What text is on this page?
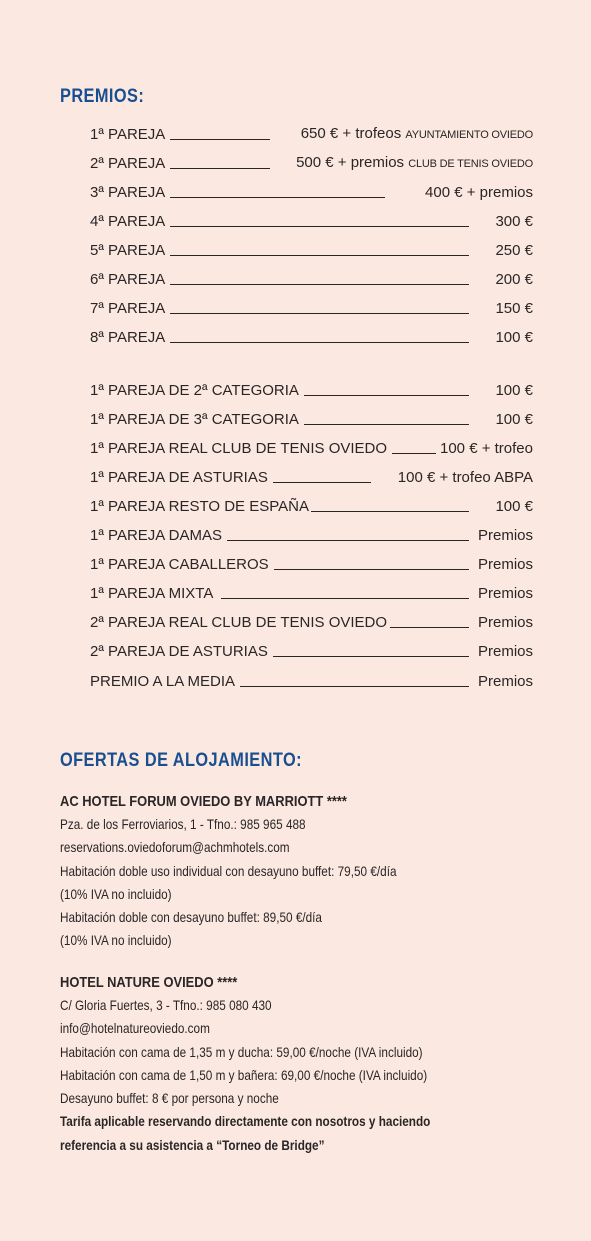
PREMIOS:
1ª PAREJA	650 € + trofeos AYUNTAMIENTO OVIEDO
2ª PAREJA	500 € + premios CLUB DE TENIS OVIEDO
3ª PAREJA	400 € + premios
4ª PAREJA	300 €
5ª PAREJA	250 €
6ª PAREJA	200 €
7ª PAREJA	150 €
8ª PAREJA	100 €
1ª PAREJA DE 2ª CATEGORIA	100 €
1ª PAREJA DE 3ª CATEGORIA	100 €
1ª PAREJA REAL CLUB DE TENIS OVIEDO	100 € + trofeo
1ª PAREJA DE ASTURIAS	100 € + trofeo ABPA
1ª PAREJA RESTO DE ESPAÑA	100 €
1ª PAREJA DAMAS	Premios
1ª PAREJA CABALLEROS	Premios
1ª PAREJA MIXTA	Premios
2ª PAREJA REAL CLUB DE TENIS OVIEDO	Premios
2ª PAREJA DE ASTURIAS	Premios
PREMIO A LA MEDIA	Premios
OFERTAS DE ALOJAMIENTO:
AC HOTEL FORUM OVIEDO BY MARRIOTT ****
Pza. de los Ferroviarios, 1 - Tfno.: 985 965 488
reservations.oviedoforum@achmhotels.com
Habitación doble uso individual con desayuno buffet: 79,50 €/día
(10% IVA no incluido)
Habitación doble con desayuno buffet: 89,50 €/día
(10% IVA no incluido)
HOTEL NATURE OVIEDO ****
C/ Gloria Fuertes, 3 - Tfno.: 985 080 430
info@hotelnatureoviedo.com
Habitación con cama de 1,35 m y ducha: 59,00 €/noche (IVA incluido)
Habitación con cama de 1,50 m y bañera: 69,00 €/noche (IVA incluido)
Desayuno buffet: 8 € por persona y noche
Tarifa aplicable reservando directamente con nosotros y haciendo
referencia a su asistencia a “Torneo de Bridge”
